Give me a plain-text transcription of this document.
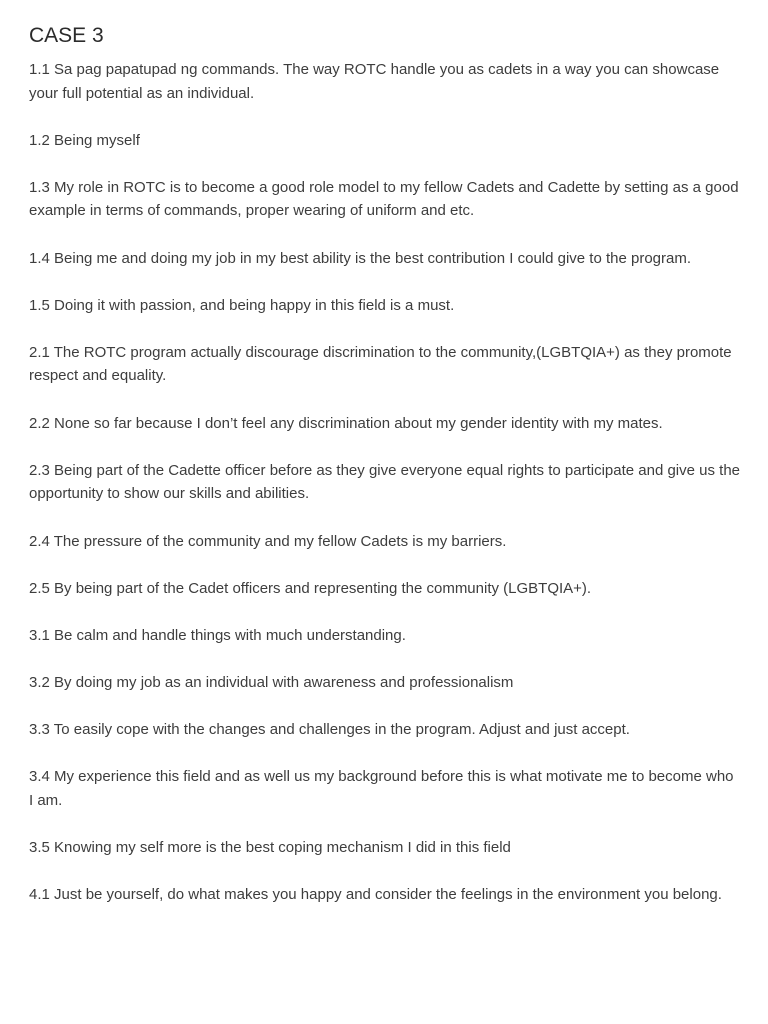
CASE 3
1.1 Sa pag papatupad ng commands. The way ROTC handle you as cadets in a way you can showcase your full potential as an individual.
1.2 Being myself
1.3 My role in ROTC is to become a good role model to my fellow Cadets and Cadette by setting as a good example in terms of commands, proper wearing of uniform and etc.
1.4 Being me and doing my job in my best ability is the best contribution I could give to the program.
1.5 Doing it with passion, and being happy in this field is a must.
2.1 The ROTC program actually discourage discrimination to the community,(LGBTQIA+) as they promote respect and equality.
2.2 None so far because I don’t feel any discrimination about my gender identity with my mates.
2.3 Being part of the Cadette officer before as they give everyone equal rights to participate and give us the opportunity to show our skills and abilities.
2.4 The pressure of the community and my fellow Cadets is my barriers.
2.5 By being part of the Cadet officers and representing the community (LGBTQIA+).
3.1 Be calm and handle things with much understanding.
3.2 By doing my job as an individual with awareness and professionalism
3.3 To easily cope with the changes and challenges in the program. Adjust and just accept.
3.4 My experience this field and as well us my background before this is what motivate me to become who I am.
3.5 Knowing my self more is the best coping mechanism I did in this field
4.1 Just be yourself, do what makes you happy and consider the feelings in the environment you belong.
